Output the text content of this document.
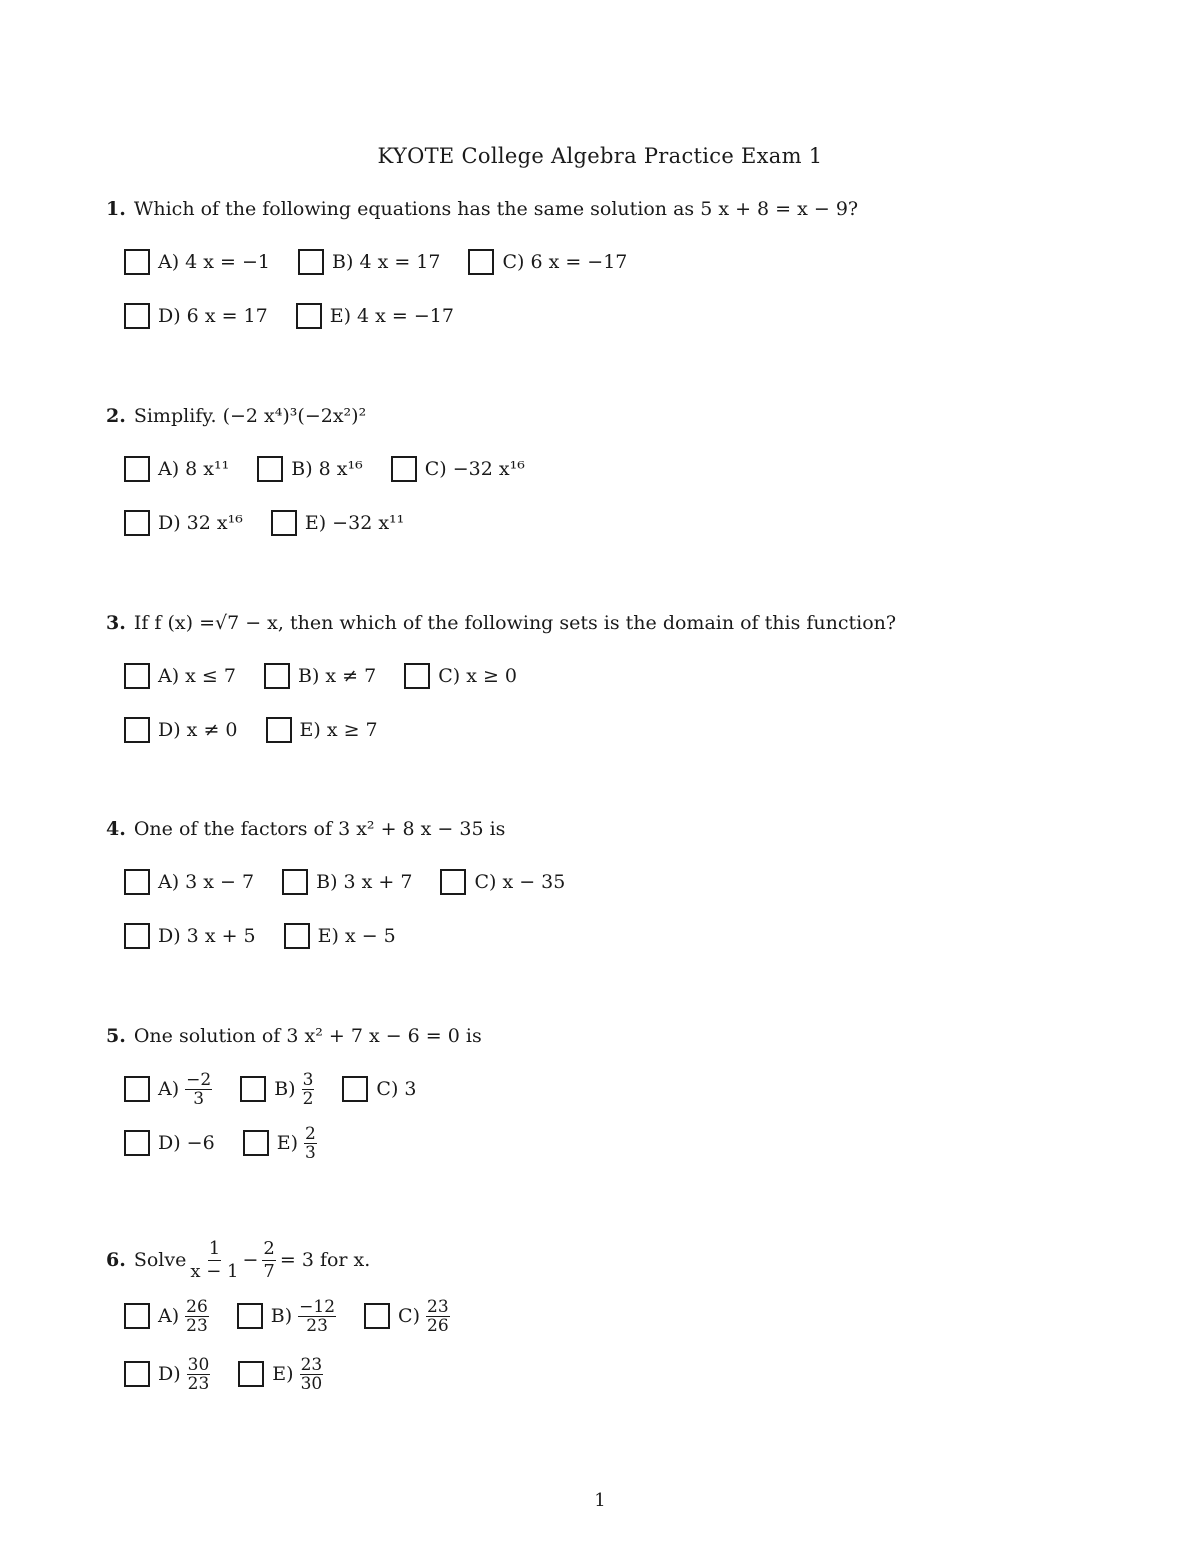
KYOTE College Algebra Practice Exam 1
1. Which of the following equations has the same solution as 5 x + 8 = x − 9?
A) 4 x = −1	B) 4 x = 17	C) 6 x = −17
D) 6 x = 17	E) 4 x = −17
2. Simplify. (−2 x⁴)³(−2x²)²
A) 8 x¹¹	B) 8 x¹⁶	C) −32 x¹⁶
D) 32 x¹⁶	E) −32 x¹¹
3. If f (x) =√7 − x, then which of the following sets is the domain of this function?
A) x ≤ 7	B) x ≠ 7	C) x ≥ 0
D) x ≠ 0	E) x ≥ 7
4. One of the factors of 3 x² + 8 x − 35 is
A) 3 x − 7	B) 3 x + 7	C) x − 35
D) 3 x + 5	E) x − 5
5. One solution of 3 x² + 7 x − 6 = 0 is
$A) \frac{-2}{3}$	$B) \frac{3}{2}$	C) 3
D) −6	$E) \frac{2}{3}$
6. Solve $\frac{1}{x - 1} - \frac{2}{7} = 3$ for x.
$A) \frac{26}{23}$	$B) \frac{-12}{23}$	$C) \frac{23}{26}$
$D) \frac{30}{23}$	$E) \frac{23}{30}$
1
